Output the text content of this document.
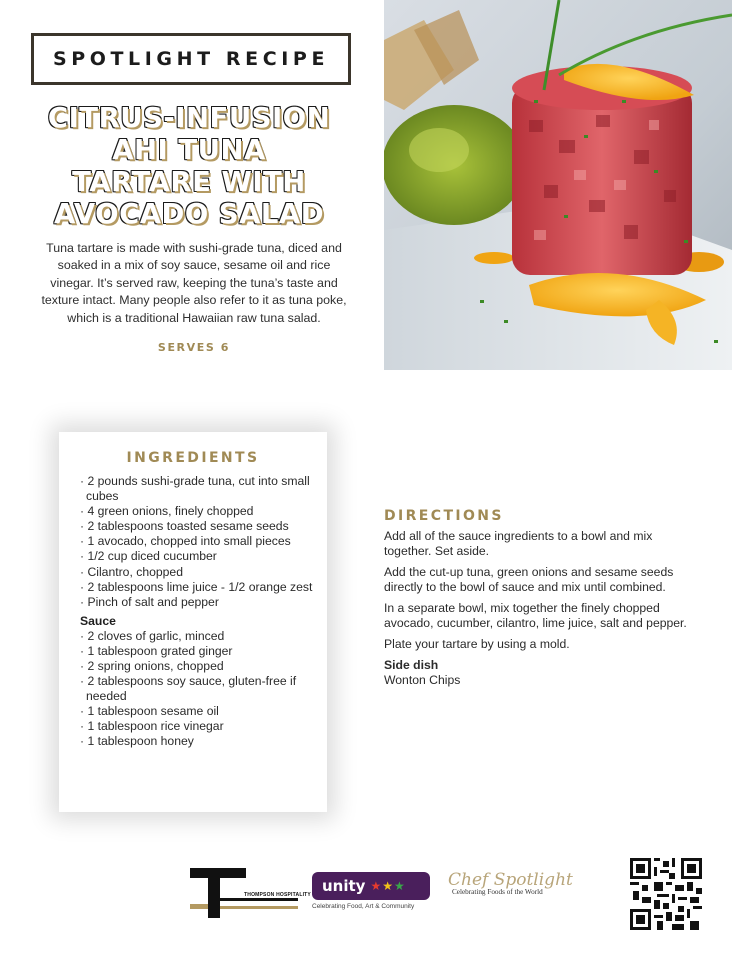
SPOTLIGHT RECIPE
CITRUS-INFUSION
AHI TUNA
TARTARE WITH
AVOCADO SALAD
Tuna tartare is made with sushi-grade tuna, diced and soaked in a mix of soy sauce, sesame oil and rice vinegar. It’s served raw, keeping the tuna’s taste and texture intact. Many people also refer to it as tuna poke, which is a traditional Hawaiian raw tuna salad.
SERVES 6
INGREDIENTS
· 2 pounds sushi-grade tuna, cut into small cubes
· 4 green onions, finely chopped
· 2 tablespoons toasted sesame seeds
· 1 avocado, chopped into small pieces
· 1/2 cup diced cucumber
· Cilantro, chopped
· 2 tablespoons lime juice - 1/2 orange zest
· Pinch of salt and pepper
Sauce
· 2 cloves of garlic, minced
· 1 tablespoon grated ginger
· 2 spring onions, chopped
· 2 tablespoons soy sauce, gluten-free if needed
· 1 tablespoon sesame oil
· 1 tablespoon rice vinegar
· 1 tablespoon honey
DIRECTIONS

Add all of the sauce ingredients to a bowl and mix together. Set aside.

Add the cut-up tuna, green onions and sesame seeds directly to the bowl of sauce and mix until combined.

In a separate bowl, mix together the finely chopped avocado, cucumber, cilantro, lime juice, salt and pepper.

Plate your tartare by using a mold.

Side dish
Wonton Chips
THOMPSON HOSPITALITY unity ★★★
Celebrating Food, Art & Community
Chef Spotlight
Celebrating Foods of the World
